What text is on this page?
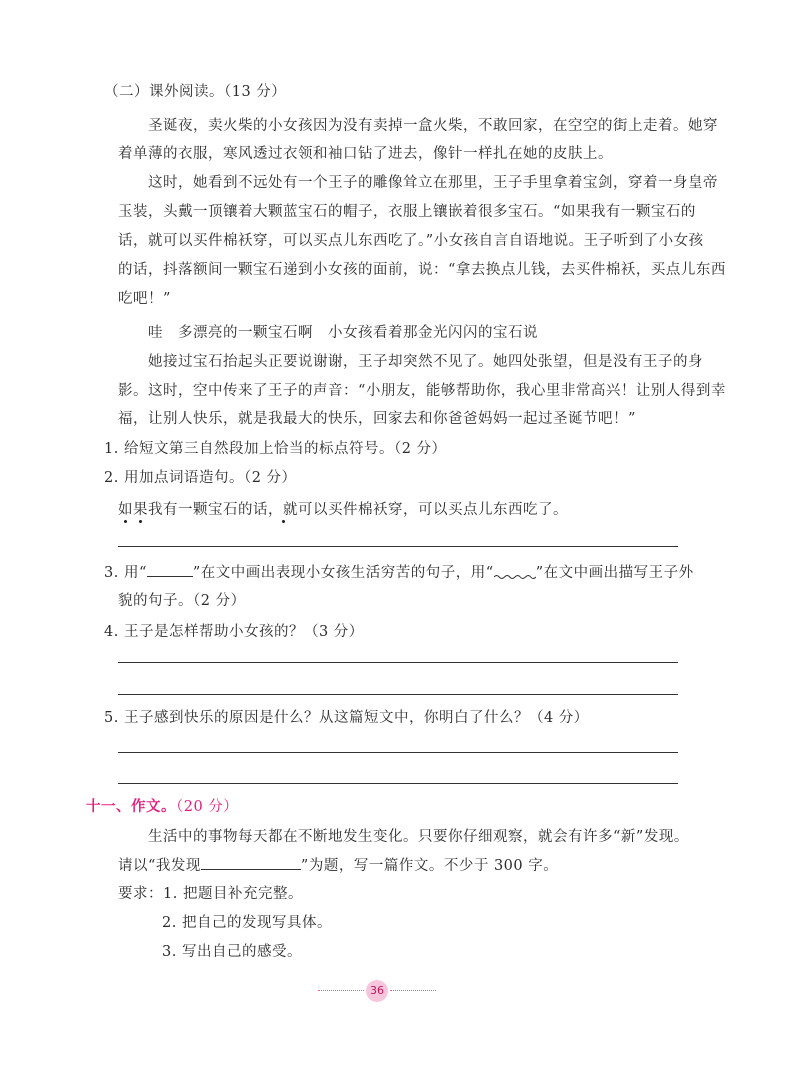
（二）课外阅读。（13 分）
圣诞夜，卖火柴的小女孩因为没有卖掉一盒火柴，不敢回家，在空空的街上走着。她穿
着单薄的衣服，寒风透过衣领和袖口钻了进去，像针一样扎在她的皮肤上。
这时，她看到不远处有一个王子的雕像耸立在那里，王子手里拿着宝剑，穿着一身皇帝
玉装，头戴一顶镶着大颗蓝宝石的帽子，衣服上镶嵌着很多宝石。“如果我有一颗宝石的
话，就可以买件棉袄穿，可以买点儿东西吃了。”小女孩自言自语地说。王子听到了小女孩
的话，抖落额间一颗宝石递到小女孩的面前，说：“拿去换点儿钱，去买件棉袄，买点儿东西
吃吧！”
哇　多漂亮的一颗宝石啊　小女孩看着那金光闪闪的宝石说
她接过宝石抬起头正要说谢谢，王子却突然不见了。她四处张望，但是没有王子的身
影。这时，空中传来了王子的声音：“小朋友，能够帮助你，我心里非常高兴！让别人得到幸
福，让别人快乐，就是我最大的快乐，回家去和你爸爸妈妈一起过圣诞节吧！”
1. 给短文第三自然段加上恰当的标点符号。（2 分）
2. 用加点词语造句。（2 分）
如果我有一颗宝石的话，就可以买件棉袄穿，可以买点儿东西吃了。
3. 用“	”在文中画出表现小女孩生活穷苦的句子，用“	”在文中画出描写王子外
貌的句子。（2 分）
4. 王子是怎样帮助小女孩的？（3 分）
5. 王子感到快乐的原因是什么？从这篇短文中，你明白了什么？（4 分）
十一、作文。（20 分）
生活中的事物每天都在不断地发生变化。只要你仔细观察，就会有许多“新”发现。
请以“我发现	”为题，写一篇作文。不少于 300 字。
要求：1. 把题目补充完整。
2. 把自己的发现写具体。
3. 写出自己的感受。
36
